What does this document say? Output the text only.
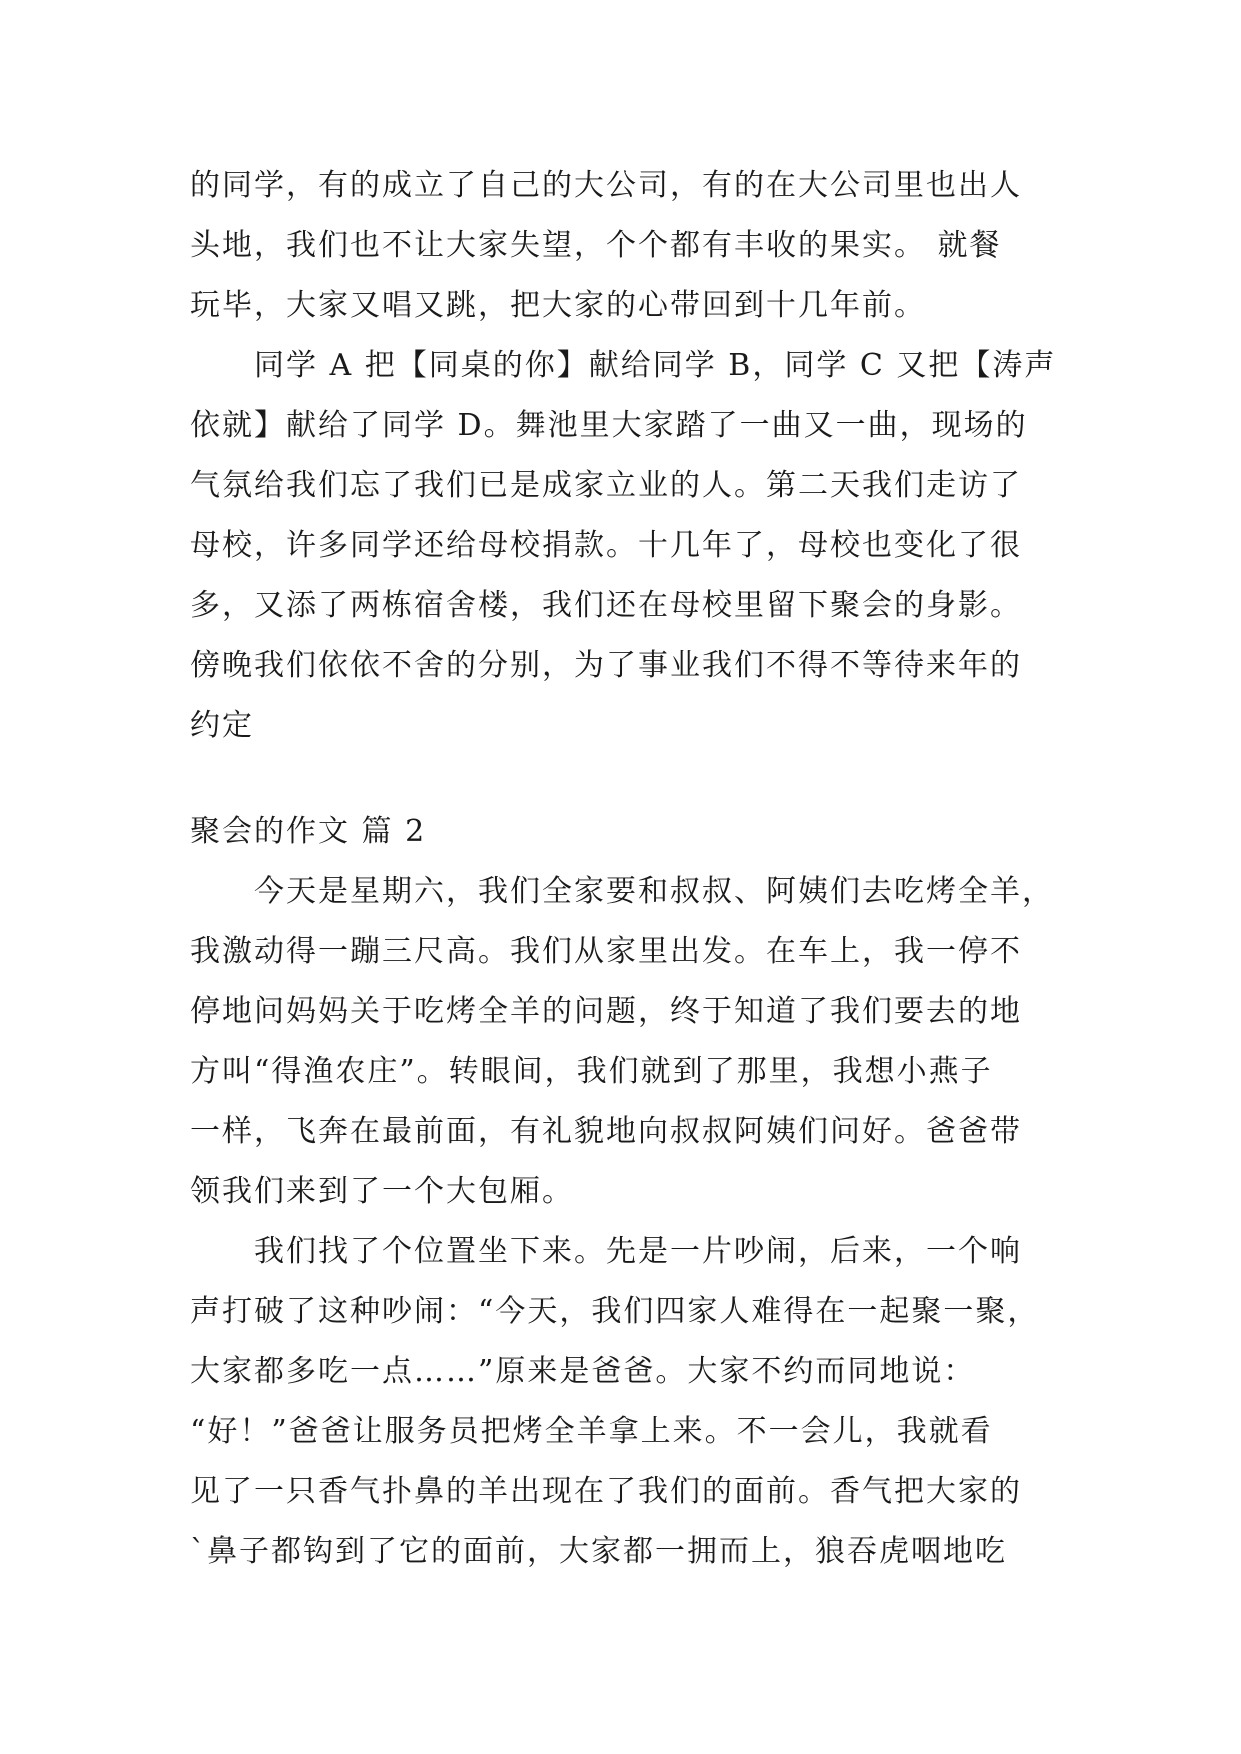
的同学，有的成立了自己的大公司，有的在大公司里也出人
头地，我们也不让大家失望，个个都有丰收的果实。 就餐
玩毕，大家又唱又跳，把大家的心带回到十几年前。
同学 A 把【同桌的你】献给同学 B，同学 C 又把【涛声
依就】献给了同学 D。舞池里大家踏了一曲又一曲，现场的
气氛给我们忘了我们已是成家立业的人。第二天我们走访了
母校，许多同学还给母校捐款。十几年了，母校也变化了很
多，又添了两栋宿舍楼，我们还在母校里留下聚会的身影。
傍晚我们依依不舍的分别，为了事业我们不得不等待来年的
约定
聚会的作文 篇 2
今天是星期六，我们全家要和叔叔、阿姨们去吃烤全羊，
我激动得一蹦三尺高。我们从家里出发。在车上，我一停不
停地问妈妈关于吃烤全羊的问题，终于知道了我们要去的地
方叫“得渔农庄”。转眼间，我们就到了那里，我想小燕子
一样，飞奔在最前面，有礼貌地向叔叔阿姨们问好。爸爸带
领我们来到了一个大包厢。
我们找了个位置坐下来。先是一片吵闹，后来，一个响
声打破了这种吵闹：“今天，我们四家人难得在一起聚一聚，
大家都多吃一点……”原来是爸爸。大家不约而同地说：
“好！”爸爸让服务员把烤全羊拿上来。不一会儿，我就看
见了一只香气扑鼻的羊出现在了我们的面前。香气把大家的
`鼻子都钩到了它的面前，大家都一拥而上，狼吞虎咽地吃
